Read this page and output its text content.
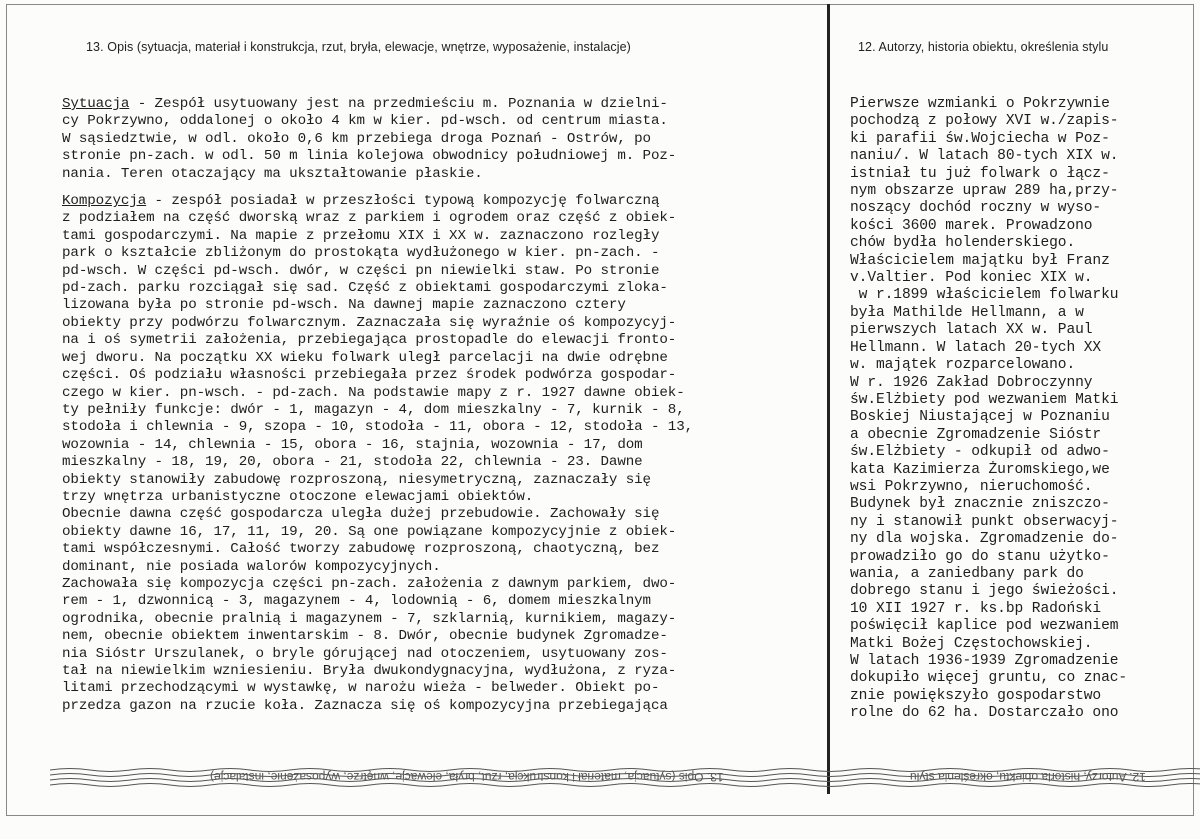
13. Opis (sytuacja, materiał i konstrukcja, rzut, bryła, elewacje, wnętrze, wyposażenie, instalacje)	12. Autorzy, historia obiektu, określenia stylu
Sytuacja - Zespół usytuowany jest na przedmieściu m. Poznania w dzielni-
cy Pokrzywno, oddalonej o około 4 km w kier. pd-wsch. od centrum miasta.
W sąsiedztwie, w odl. około 0,6 km przebiega droga Poznań - Ostrów, po
stronie pn-zach. w odl. 50 m linia kolejowa obwodnicy południowej m. Poz-
nania. Teren otaczający ma ukształtowanie płaskie.

Kompozycja - zespół posiadał w przeszłości typową kompozycję folwarczną
z podziałem na część dworską wraz z parkiem i ogrodem oraz część z obiek-
tami gospodarczymi. Na mapie z przełomu XIX i XX w. zaznaczono rozległy
park o kształcie zbliżonym do prostokąta wydłużonego w kier. pn-zach. -
pd-wsch. W części pd-wsch. dwór, w części pn niewielki staw. Po stronie
pd-zach. parku rozciągał się sad. Część z obiektami gospodarczymi zloka-
lizowana była po stronie pd-wsch. Na dawnej mapie zaznaczono cztery
obiekty przy podwórzu folwarcznym. Zaznaczała się wyraźnie oś kompozycyj-
na i oś symetrii założenia, przebiegająca prostopadle do elewacji fronto-
wej dworu. Na początku XX wieku folwark uległ parcelacji na dwie odrębne
części. Oś podziału własności przebiegała przez środek podwórza gospodar-
czego w kier. pn-wsch. - pd-zach. Na podstawie mapy z r. 1927 dawne obiek-
ty pełniły funkcje: dwór - 1, magazyn - 4, dom mieszkalny - 7, kurnik - 8,
stodoła i chlewnia - 9, szopa - 10, stodoła - 11, obora - 12, stodoła - 13,
wozownia - 14, chlewnia - 15, obora - 16, stajnia, wozownia - 17, dom
mieszkalny - 18, 19, 20, obora - 21, stodoła 22, chlewnia - 23. Dawne
obiekty stanowiły zabudowę rozproszoną, niesymetryczną, zaznaczały się
trzy wnętrza urbanistyczne otoczone elewacjami obiektów.
Obecnie dawna część gospodarcza uległa dużej przebudowie. Zachowały się
obiekty dawne 16, 17, 11, 19, 20. Są one powiązane kompozycyjnie z obiek-
tami współczesnymi. Całość tworzy zabudowę rozproszoną, chaotyczną, bez
dominant, nie posiada walorów kompozycyjnych.
Zachowała się kompozycja części pn-zach. założenia z dawnym parkiem, dwo-
rem - 1, dzwonnicą - 3, magazynem - 4, lodownią - 6, domem mieszkalnym
ogrodnika, obecnie pralnią i magazynem - 7, szklarnią, kurnikiem, magazy-
nem, obecnie obiektem inwentarskim - 8. Dwór, obecnie budynek Zgromadze-
nia Sióstr Urszulanek, o bryle górującej nad otoczeniem, usytuowany zos-
tał na niewielkim wzniesieniu. Bryła dwukondygnacyjna, wydłużona, z ryza-
litami przechodzącymi w wystawkę, w narożu wieża - belweder. Obiekt po-
przedza gazon na rzucie koła. Zaznacza się oś kompozycyjna przebiegająca
Pierwsze wzmianki o Pokrzywnie
pochodzą z połowy XVI w./zapis-
ki parafii św.Wojciecha w Poz-
naniu/. W latach 80-tych XIX w.
istniał tu już folwark o łącz-
nym obszarze upraw 289 ha,przy-
noszący dochód roczny w wyso-
kości 3600 marek. Prowadzono
chów bydła holenderskiego.
Właścicielem majątku był Franz
v.Valtier. Pod koniec XIX w.
w r.1899 właścicielem folwarku
była Mathilde Hellmann, a w
pierwszych latach XX w. Paul
Hellmann. W latach 20-tych XX
w. majątek rozparcelowano.
W r. 1926 Zakład Dobroczynny
św.Elżbiety pod wezwaniem Matki
Boskiej Niustającej w Poznaniu
a obecnie Zgromadzenie Sióstr
św.Elżbiety - odkupił od adwo-
kata Kazimierza Żuromskiego,we
wsi Pokrzywno, nieruchomość.
Budynek był znacznie zniszczo-
ny i stanowił punkt obserwacyj-
ny dla wojska. Zgromadzenie do-
prowadziło go do stanu użytko-
wania, a zaniedbany park do
dobrego stanu i jego świeżości.
10 XII 1927 r. ks.bp Radoński
poświęcił kaplice pod wezwaniem
Matki Bożej Częstochowskiej.
W latach 1936-1939 Zgromadzenie
dokupiło więcej gruntu, co znac-
znie powiększyło gospodarstwo
rolne do 62 ha. Dostarczało ono
13. Opis (sytuacja, materiał i konstrukcja, rzut, bryła, elewacje, wnętrze, wyposażenie, instalacje)	12. Autorzy, historia obiektu, określenia stylu
